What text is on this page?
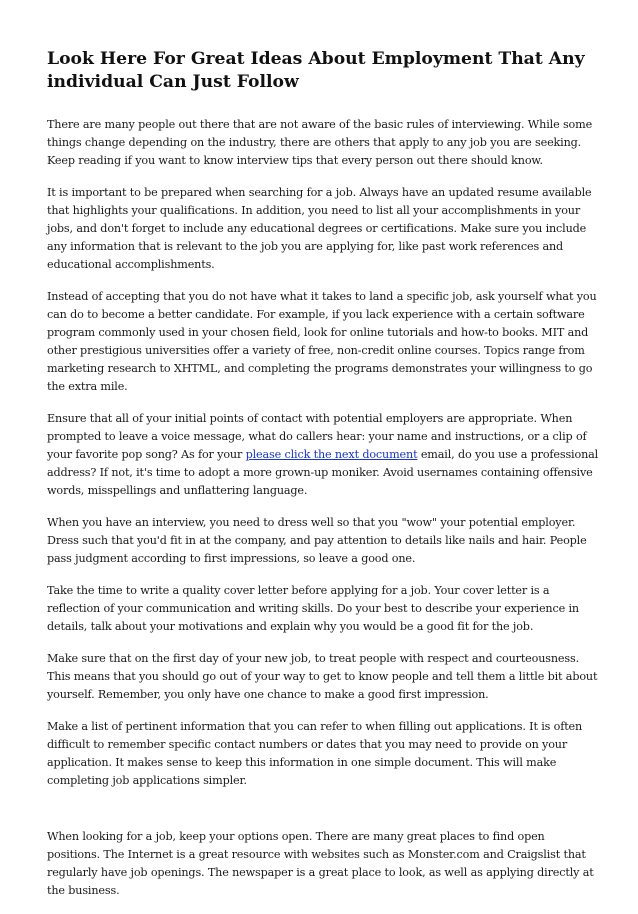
Look Here For Great Ideas About Employment That Any individual Can Just Follow

There are many people out there that are not aware of the basic rules of interviewing. While some things change depending on the industry, there are others that apply to any job you are seeking. Keep reading if you want to know interview tips that every person out there should know.

It is important to be prepared when searching for a job. Always have an updated resume available that highlights your qualifications. In addition, you need to list all your accomplishments in your jobs, and don't forget to include any educational degrees or certifications. Make sure you include any information that is relevant to the job you are applying for, like past work references and educational accomplishments.

Instead of accepting that you do not have what it takes to land a specific job, ask yourself what you can do to become a better candidate. For example, if you lack experience with a certain software program commonly used in your chosen field, look for online tutorials and how-to books. MIT and other prestigious universities offer a variety of free, non-credit online courses. Topics range from marketing research to XHTML, and completing the programs demonstrates your willingness to go the extra mile.

Ensure that all of your initial points of contact with potential employers are appropriate. When prompted to leave a voice message, what do callers hear: your name and instructions, or a clip of your favorite pop song? As for your please click the next document email, do you use a professional address? If not, it's time to adopt a more grown-up moniker. Avoid usernames containing offensive words, misspellings and unflattering language.

When you have an interview, you need to dress well so that you "wow" your potential employer. Dress such that you'd fit in at the company, and pay attention to details like nails and hair. People pass judgment according to first impressions, so leave a good one.

Take the time to write a quality cover letter before applying for a job. Your cover letter is a reflection of your communication and writing skills. Do your best to describe your experience in details, talk about your motivations and explain why you would be a good fit for the job.

Make sure that on the first day of your new job, to treat people with respect and courteousness. This means that you should go out of your way to get to know people and tell them a little bit about yourself. Remember, you only have one chance to make a good first impression.

Make a list of pertinent information that you can refer to when filling out applications. It is often difficult to remember specific contact numbers or dates that you may need to provide on your application. It makes sense to keep this information in one simple document. This will make completing job applications simpler.

When looking for a job, keep your options open. There are many great places to find open positions. The Internet is a great resource with websites such as Monster.com and Craigslist that regularly have job openings. The newspaper is a great place to look, as well as applying directly at the business.
